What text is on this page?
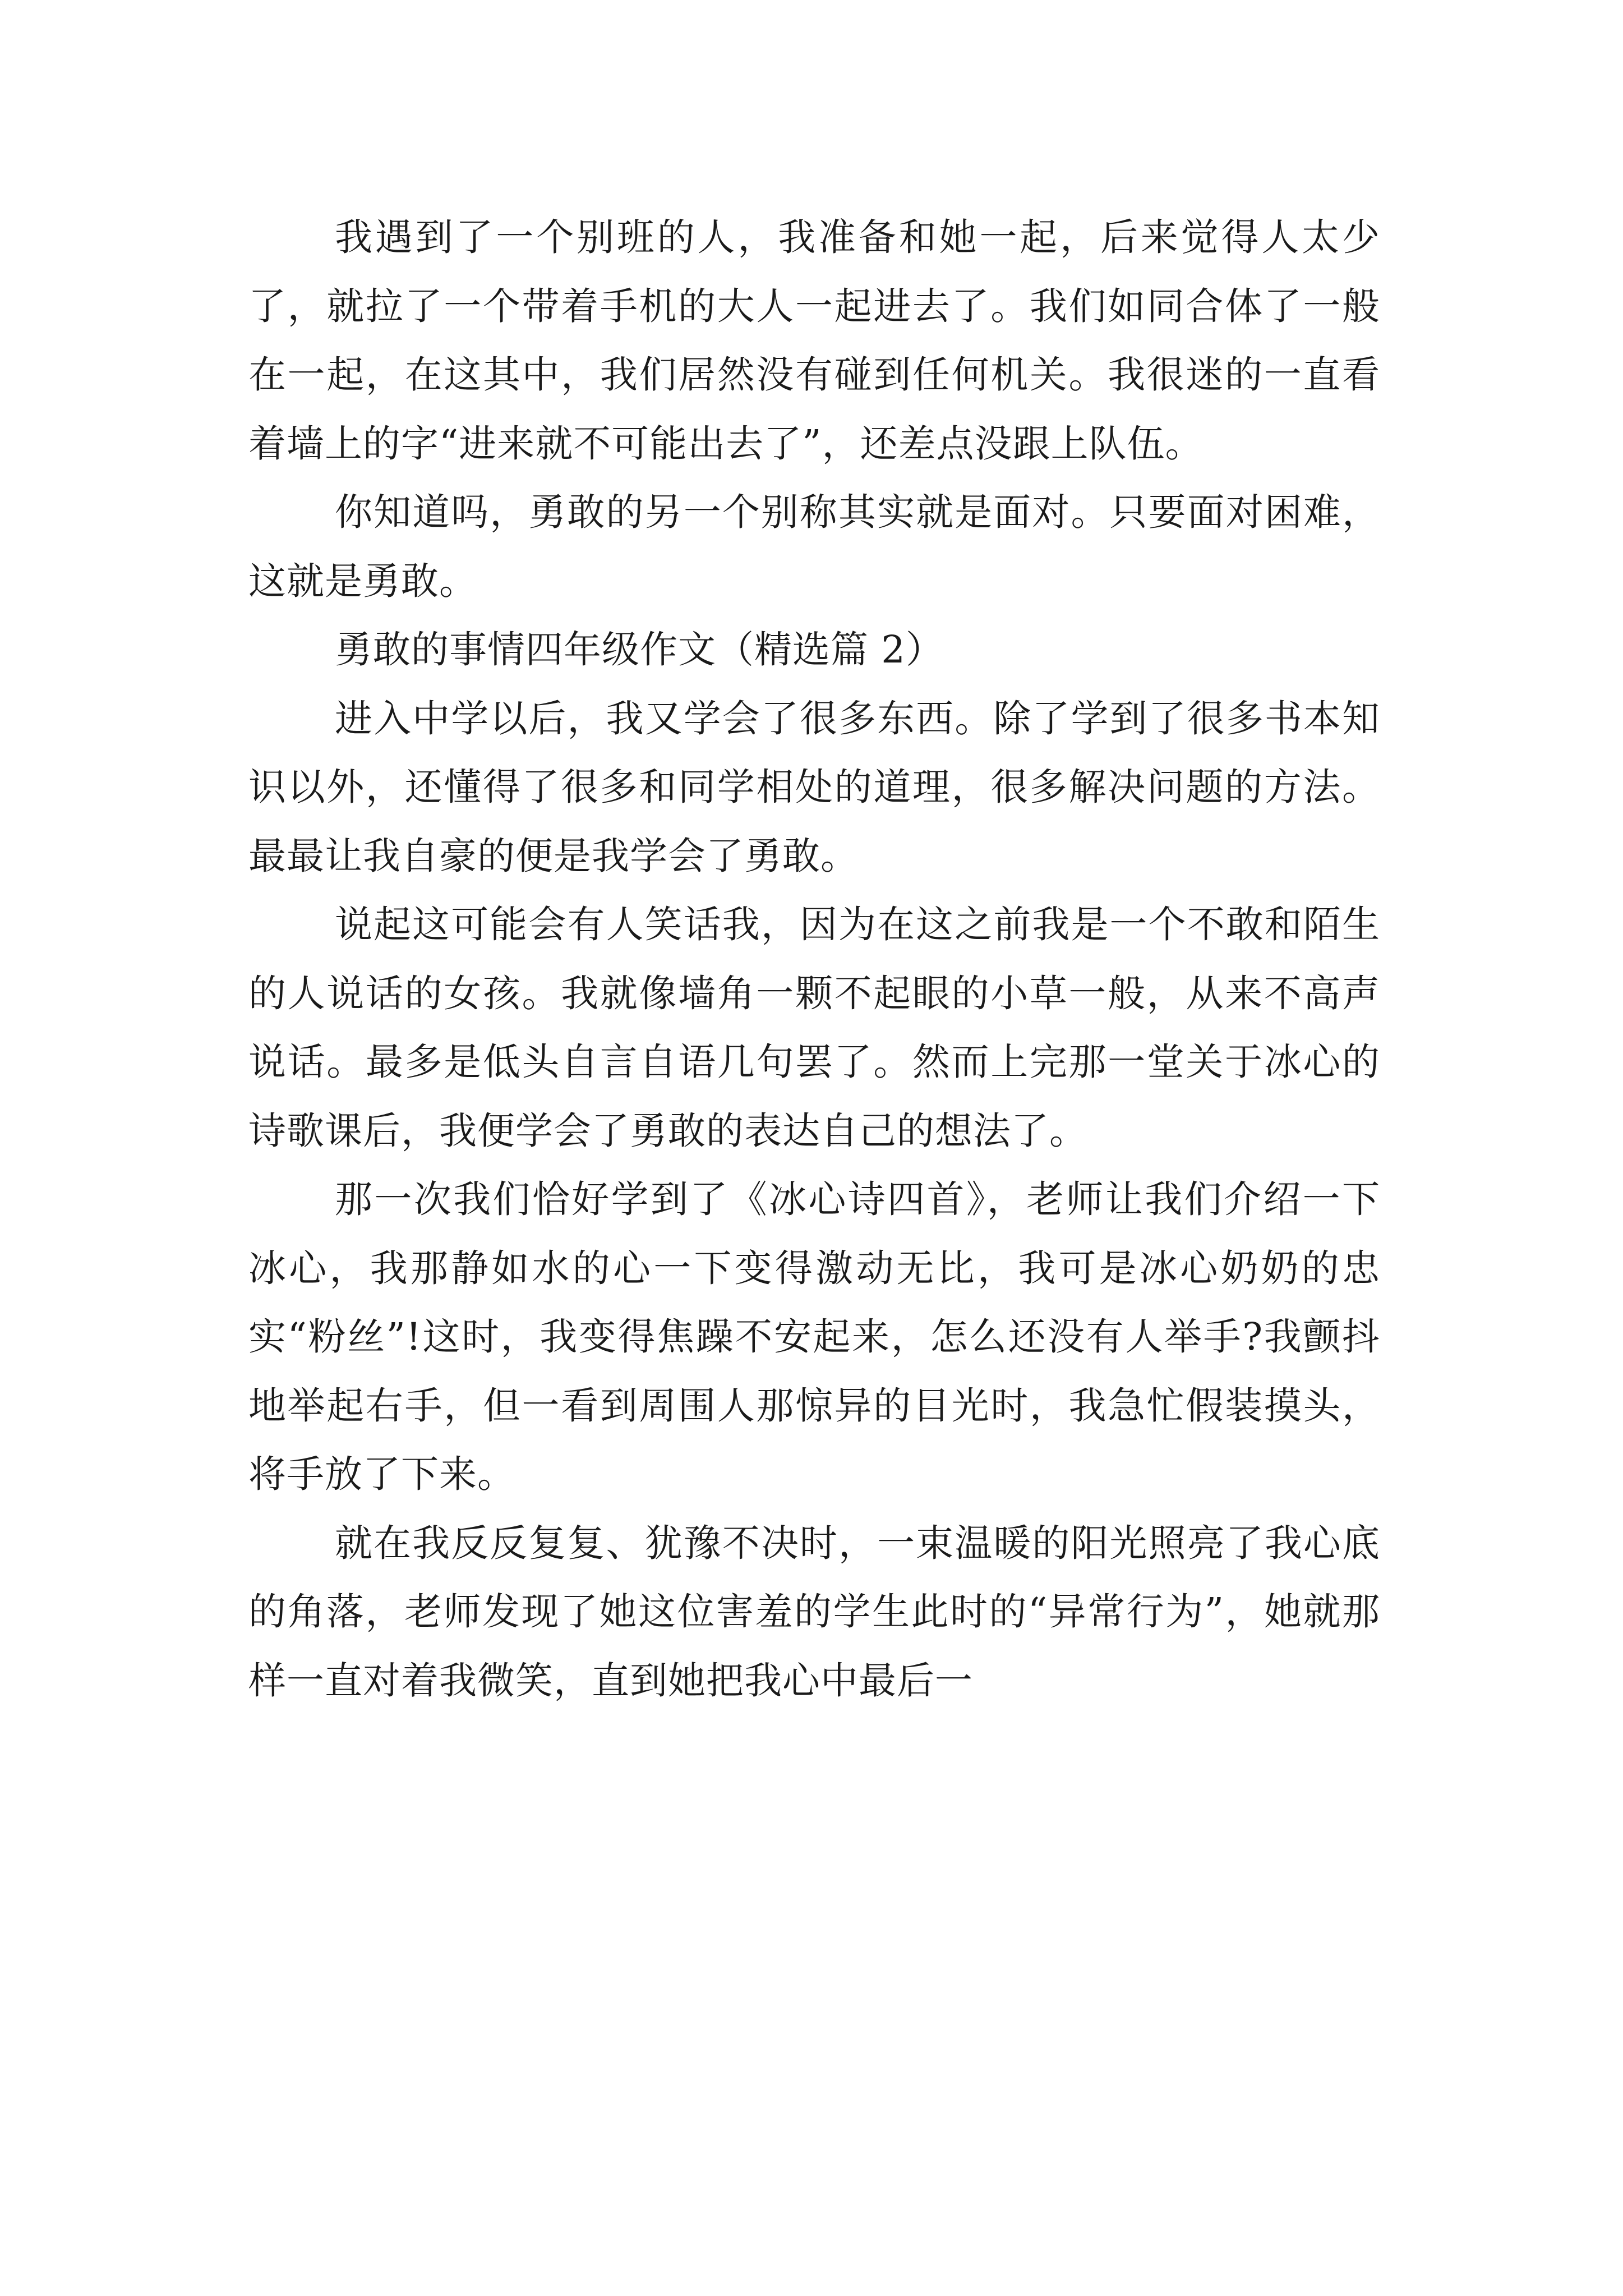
我遇到了一个别班的人，我准备和她一起，后来觉得人太少了，就拉了一个带着手机的大人一起进去了。我们如同合体了一般在一起，在这其中，我们居然没有碰到任何机关。我很迷的一直看着墙上的字“进来就不可能出去了”，还差点没跟上队伍。

你知道吗，勇敢的另一个别称其实就是面对。只要面对困难，这就是勇敢。

勇敢的事情四年级作文（精选篇 2）

进入中学以后，我又学会了很多东西。除了学到了很多书本知识以外，还懂得了很多和同学相处的道理，很多解决问题的方法。最最让我自豪的便是我学会了勇敢。

说起这可能会有人笑话我，因为在这之前我是一个不敢和陌生的人说话的女孩。我就像墙角一颗不起眼的小草一般，从来不高声说话。最多是低头自言自语几句罢了。然而上完那一堂关于冰心的诗歌课后，我便学会了勇敢的表达自己的想法了。

那一次我们恰好学到了《冰心诗四首》，老师让我们介绍一下冰心，我那静如水的心一下变得激动无比，我可是冰心奶奶的忠实“粉丝”!这时，我变得焦躁不安起来，怎么还没有人举手?我颤抖地举起右手，但一看到周围人那惊异的目光时，我急忙假装摸头，将手放了下来。

就在我反反复复、犹豫不决时，一束温暖的阳光照亮了我心底的角落，老师发现了她这位害羞的学生此时的“异常行为”，她就那样一直对着我微笑，直到她把我心中最后一
